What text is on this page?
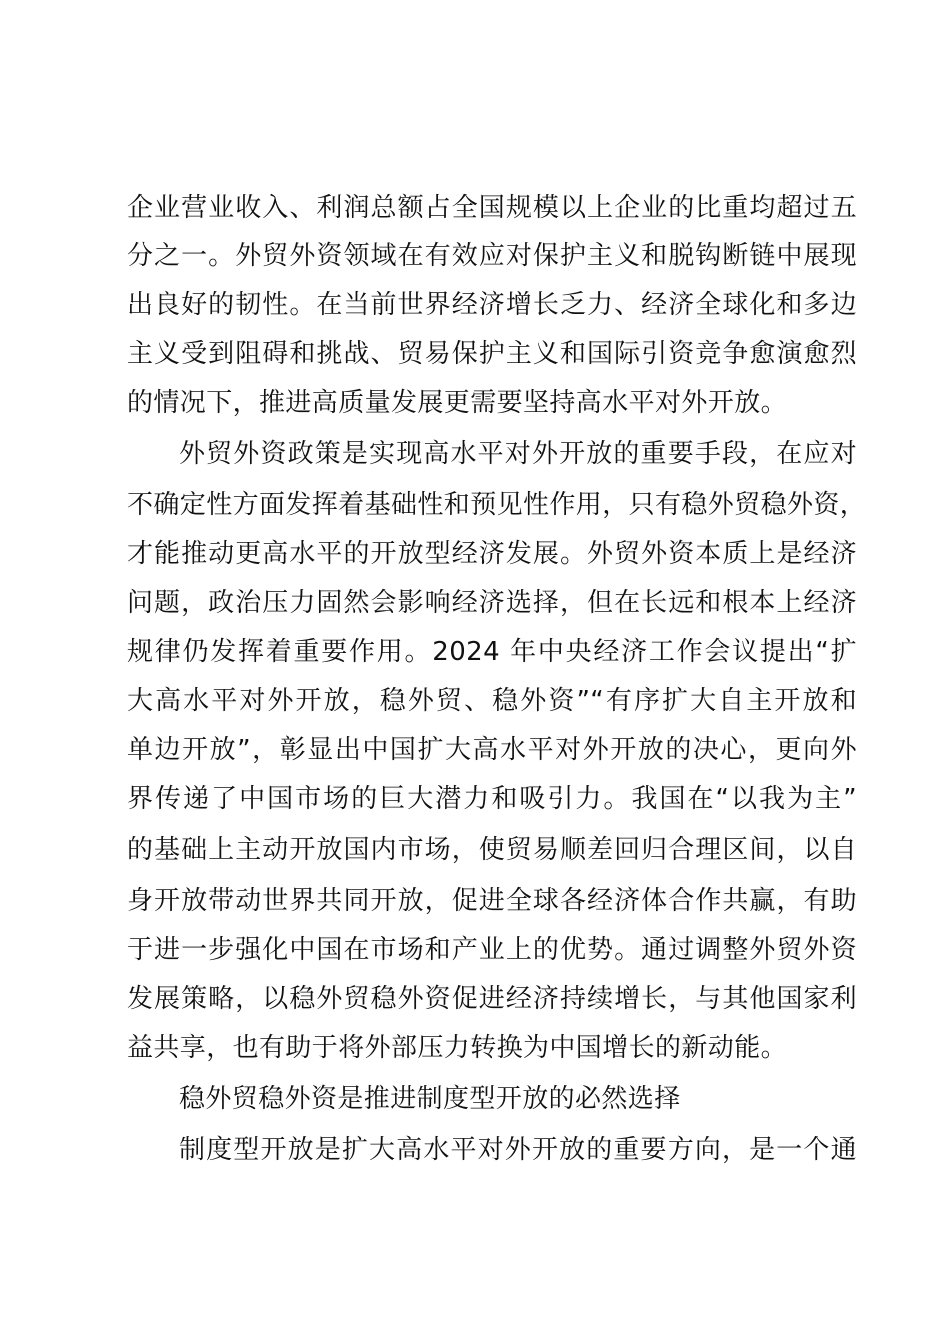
企业营业收入、利润总额占全国规模以上企业的比重均超过五
分之一。外贸外资领域在有效应对保护主义和脱钩断链中展现
出良好的韧性。在当前世界经济增长乏力、经济全球化和多边
主义受到阻碍和挑战、贸易保护主义和国际引资竞争愈演愈烈
的情况下，推进高质量发展更需要坚持高水平对外开放。
外贸外资政策是实现高水平对外开放的重要手段，在应对
不确定性方面发挥着基础性和预见性作用，只有稳外贸稳外资，
才能推动更高水平的开放型经济发展。外贸外资本质上是经济
问题，政治压力固然会影响经济选择，但在长远和根本上经济
规律仍发挥着重要作用。2024 年中央经济工作会议提出“扩
大高水平对外开放，稳外贸、稳外资”“有序扩大自主开放和
单边开放”，彰显出中国扩大高水平对外开放的决心，更向外
界传递了中国市场的巨大潜力和吸引力。我国在“以我为主”
的基础上主动开放国内市场，使贸易顺差回归合理区间，以自
身开放带动世界共同开放，促进全球各经济体合作共赢，有助
于进一步强化中国在市场和产业上的优势。通过调整外贸外资
发展策略，以稳外贸稳外资促进经济持续增长，与其他国家利
益共享，也有助于将外部压力转换为中国增长的新动能。
稳外贸稳外资是推进制度型开放的必然选择
制度型开放是扩大高水平对外开放的重要方向，是一个通
